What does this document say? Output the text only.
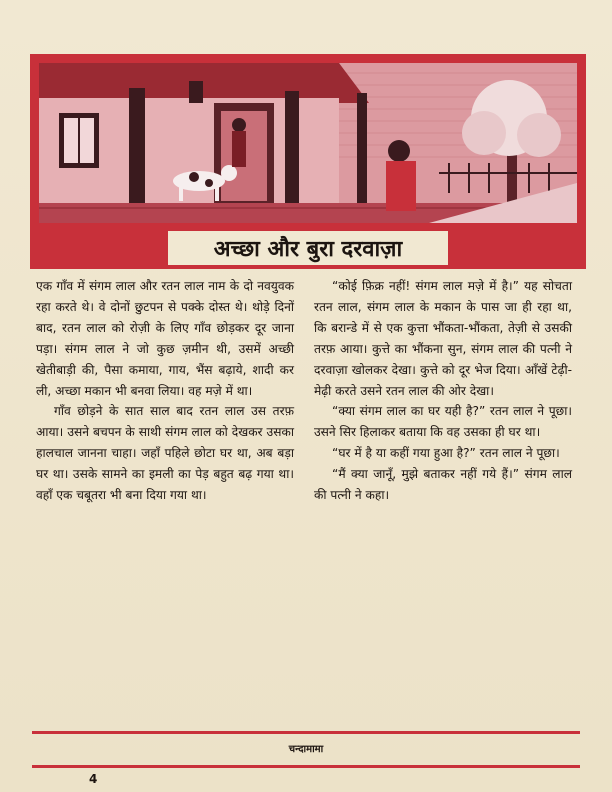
अच्छा और बुरा दरवाज़ा

एक गाँव में संगम लाल और रतन लाल नाम के दो नवयुवक रहा करते थे। वे दोनों छुटपन से पक्के दोस्त थे। थोड़े दिनों बाद, रतन लाल को रोज़ी के लिए गाँव छोड़कर दूर जाना पड़ा। संगम लाल ने जो कुछ ज़मीन थी, उसमें अच्छी खेतीबाड़ी की, पैसा कमाया, गाय, भैंस बढ़ाये, शादी कर ली, अच्छा मकान भी बनवा लिया। वह मज़े में था।

गाँव छोड़ने के सात साल बाद रतन लाल उस तरफ़ आया। उसने बचपन के साथी संगम लाल को देखकर उसका हालचाल जानना चाहा। जहाँ पहिले छोटा घर था, अब बड़ा घर था। उसके सामने का इमली का पेड़ बहुत बढ़ गया था। वहाँ एक चबूतरा भी बना दिया गया था।

“कोई फ़िक्र नहीं! संगम लाल मज़े में है।” यह सोचता रतन लाल, संगम लाल के मकान के पास जा ही रहा था, कि बरान्डे में से एक कुत्ता भौंकता-भौंकता, तेज़ी से उसकी तरफ़ आया। कुत्ते का भौंकना सुन, संगम लाल की पत्नी ने दरवाज़ा खोलकर देखा। कुत्ते को दूर भेज दिया। आँखें टेढ़ी-मेढ़ी करते उसने रतन लाल की ओर देखा।

“क्या संगम लाल का घर यही है?” रतन लाल ने पूछा। उसने सिर हिलाकर बताया कि वह उसका ही घर था।

“घर में है या कहीं गया हुआ है?” रतन लाल ने पूछा।

“मैं क्या जानूँ, मुझे बताकर नहीं गये हैं।” संगम लाल की पत्नी ने कहा।

चन्दामामा
4
